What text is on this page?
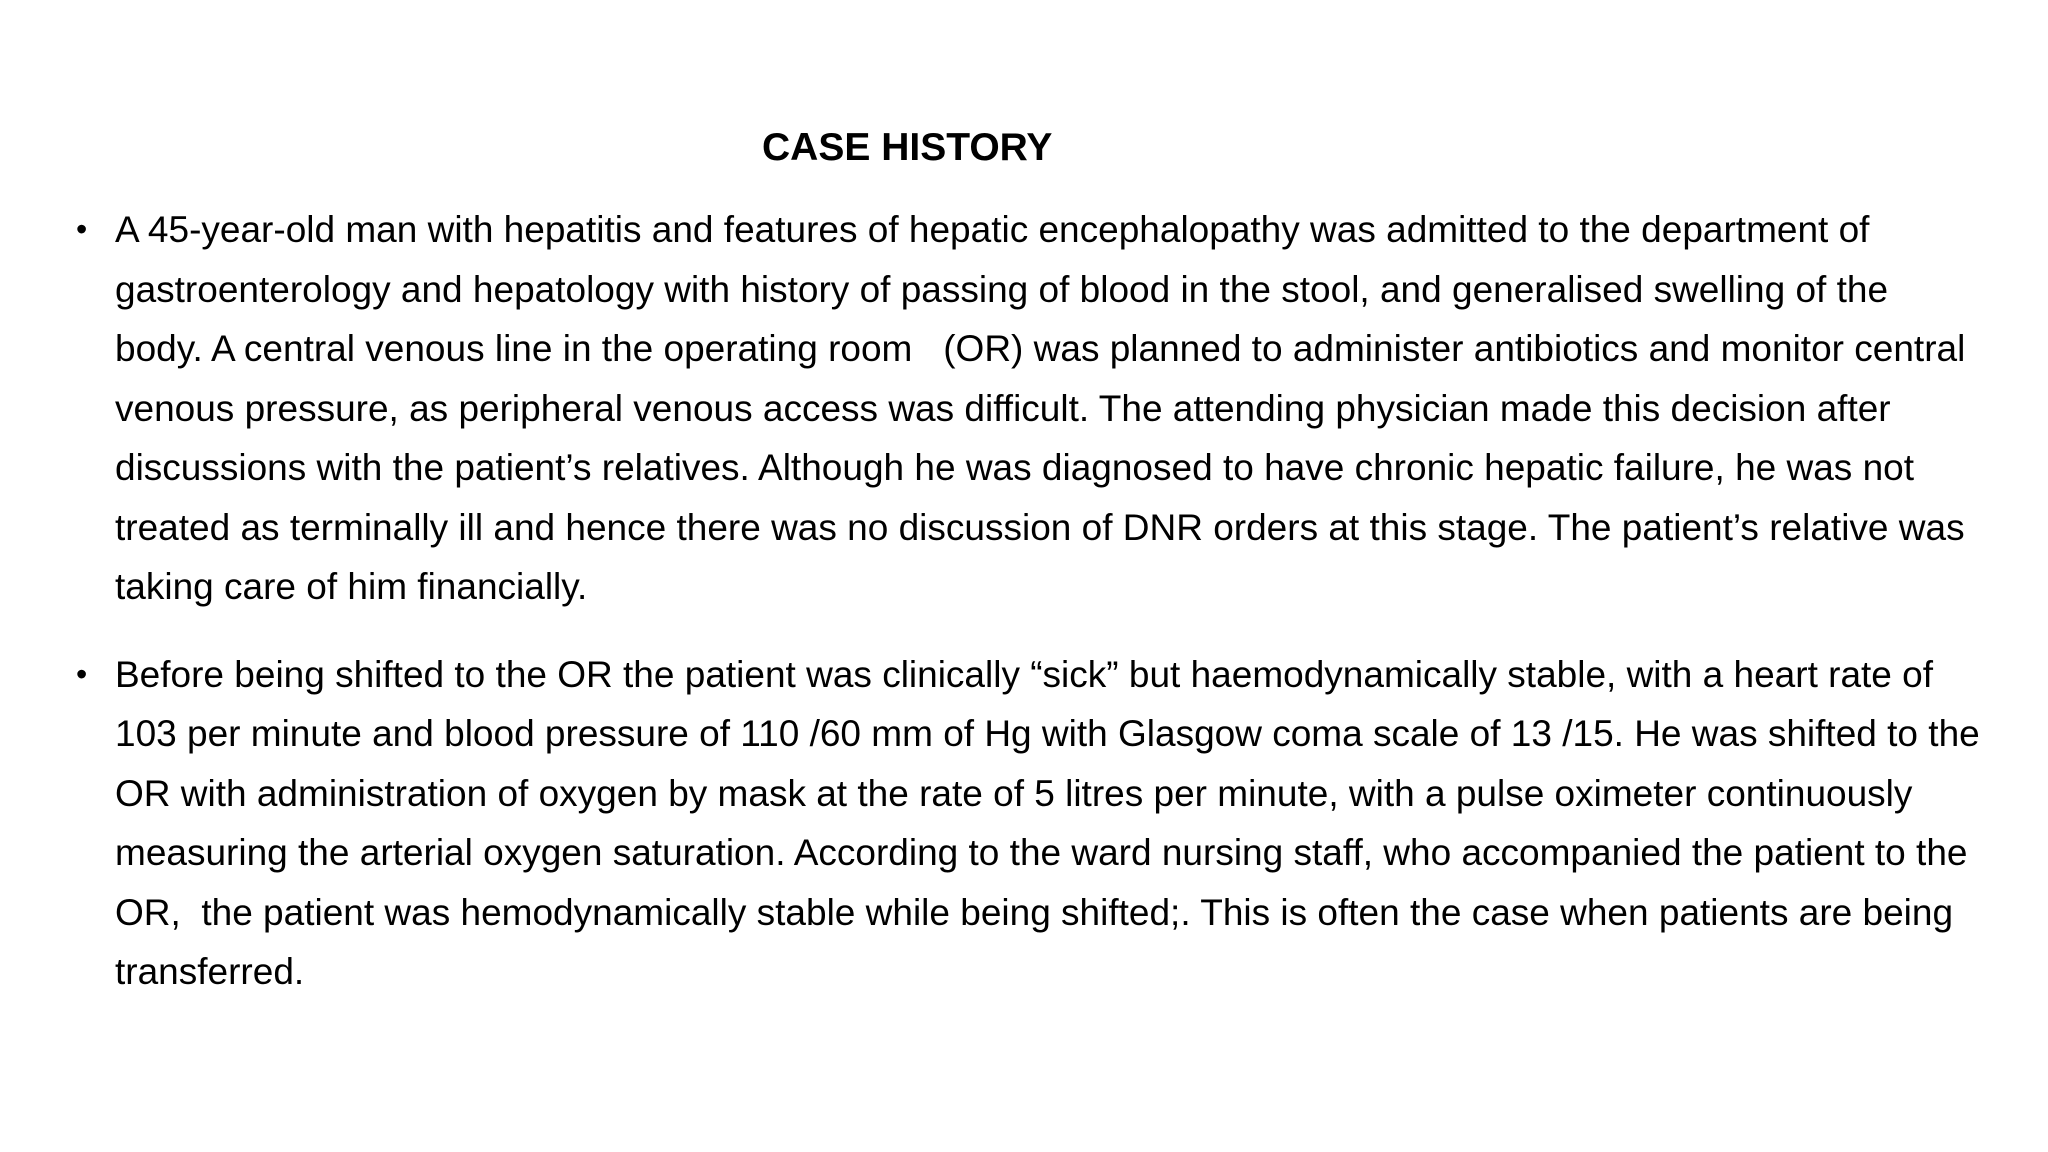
CASE HISTORY
• A 45-year-old man with hepatitis and features of hepatic encephalopathy was admitted to the department of gastroenterology and hepatology with history of passing of blood in the stool, and generalised swelling of the body. A central venous line in the operating room   (OR) was planned to administer antibiotics and monitor central venous pressure, as peripheral venous access was difficult. The attending physician made this decision after discussions with the patient’s relatives. Although he was diagnosed to have chronic hepatic failure, he was not treated as terminally ill and hence there was no discussion of DNR orders at this stage. The patient’s relative was taking care of him financially.
• Before being shifted to the OR the patient was clinically “sick” but haemodynamically stable, with a heart rate of 103 per minute and blood pressure of 110 /60 mm of Hg with Glasgow coma scale of 13 /15. He was shifted to the OR with administration of oxygen by mask at the rate of 5 litres per minute, with a pulse oximeter continuously measuring the arterial oxygen saturation. According to the ward nursing staff, who accompanied the patient to the OR,  the patient was hemodynamically stable while being shifted;. This is often the case when patients are being transferred.
